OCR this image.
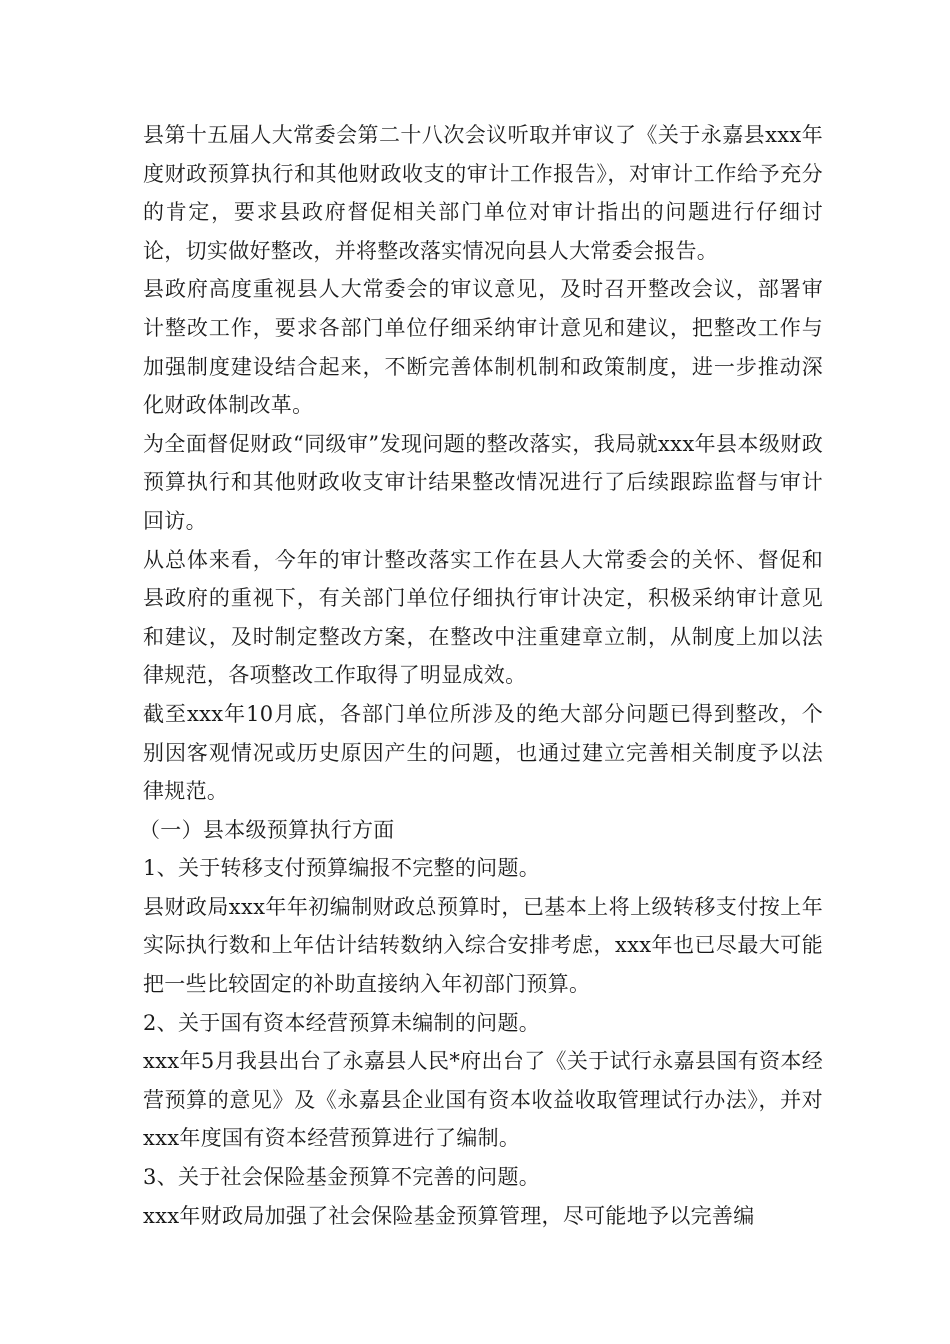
县第十五届人大常委会第二十八次会议听取并审议了《关于永嘉县xxx年度财政预算执行和其他财政收支的审计工作报告》，对审计工作给予充分的肯定，要求县政府督促相关部门单位对审计指出的问题进行仔细讨论，切实做好整改，并将整改落实情况向县人大常委会报告。

县政府高度重视县人大常委会的审议意见，及时召开整改会议，部署审计整改工作，要求各部门单位仔细采纳审计意见和建议，把整改工作与加强制度建设结合起来，不断完善体制机制和政策制度，进一步推动深化财政体制改革。

为全面督促财政“同级审”发现问题的整改落实，我局就xxx年县本级财政预算执行和其他财政收支审计结果整改情况进行了后续跟踪监督与审计回访。

从总体来看，今年的审计整改落实工作在县人大常委会的关怀、督促和县政府的重视下，有关部门单位仔细执行审计决定，积极采纳审计意见和建议，及时制定整改方案，在整改中注重建章立制，从制度上加以法律规范，各项整改工作取得了明显成效。

截至xxx年10月底，各部门单位所涉及的绝大部分问题已得到整改，个别因客观情况或历史原因产生的问题，也通过建立完善相关制度予以法律规范。

（一）县本级预算执行方面

1、关于转移支付预算编报不完整的问题。

县财政局xxx年年初编制财政总预算时，已基本上将上级转移支付按上年实际执行数和上年估计结转数纳入综合安排考虑，xxx年也已尽最大可能把一些比较固定的补助直接纳入年初部门预算。

2、关于国有资本经营预算未编制的问题。

xxx年5月我县出台了永嘉县人民*府出台了《关于试行永嘉县国有资本经营预算的意见》及《永嘉县企业国有资本收益收取管理试行办法》，并对xxx年度国有资本经营预算进行了编制。

3、关于社会保险基金预算不完善的问题。

xxx年财政局加强了社会保险基金预算管理，尽可能地予以完善编
